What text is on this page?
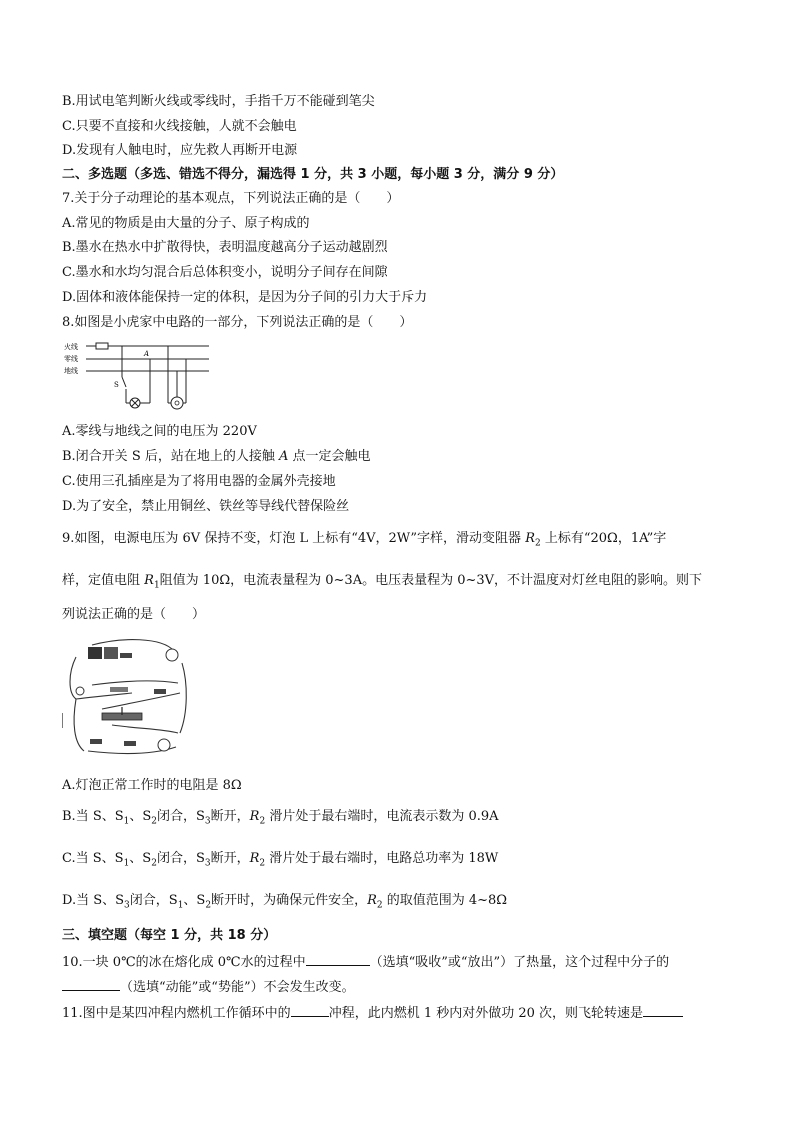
B.用试电笔判断火线或零线时，手指千万不能碰到笔尖
C.只要不直接和火线接触，人就不会触电
D.发现有人触电时，应先救人再断开电源
二、多选题（多选、错选不得分，漏选得 1 分，共 3 小题，每小题 3 分，满分 9 分）
7.关于分子动理论的基本观点，下列说法正确的是（　　）
A.常见的物质是由大量的分子、原子构成的
B.墨水在热水中扩散得快，表明温度越高分子运动越剧烈
C.墨水和水均匀混合后总体积变小，说明分子间存在间隙
D.固体和液体能保持一定的体积，是因为分子间的引力大于斥力
8.如图是小虎家中电路的一部分，下列说法正确的是（　　）
火线
零线
地线
S
A
A.零线与地线之间的电压为 220V
B.闭合开关 S 后，站在地上的人接触 A 点一定会触电
C.使用三孔插座是为了将用电器的金属外壳接地
D.为了安全，禁止用铜丝、铁丝等导线代替保险丝
9.如图，电源电压为 6V 保持不变，灯泡 L 上标有“4V，2W”字样，滑动变阻器 $R_2$ 上标有“20Ω，1A”字
样，定值电阻 $R_1$阻值为 10Ω，电流表量程为 0~3A。电压表量程为 0~3V，不计温度对灯丝电阻的影响。则下
列说法正确的是（　　）
A.灯泡正常工作时的电阻是 8Ω
B.当 S、$S_1$、$S_2$闭合，$S_3$断开，$R_2$ 滑片处于最右端时，电流表示数为 0.9A
C.当 S、$S_1$、$S_2$闭合，$S_3$断开，$R_2$ 滑片处于最右端时，电路总功率为 18W
D.当 S、$S_3$闭合，$S_1$、$S_2$断开时，为确保元件安全，$R_2$ 的取值范围为 4~8Ω
三、填空题（每空 1 分，共 18 分）
10.一块 0℃的冰在熔化成 0℃水的过程中	（选填“吸收”或“放出”）了热量，这个过程中分子的
（选填“动能”或“势能”）不会发生改变。
11.图中是某四冲程内燃机工作循环中的	冲程，此内燃机 1 秒内对外做功 20 次，则飞轮转速是
